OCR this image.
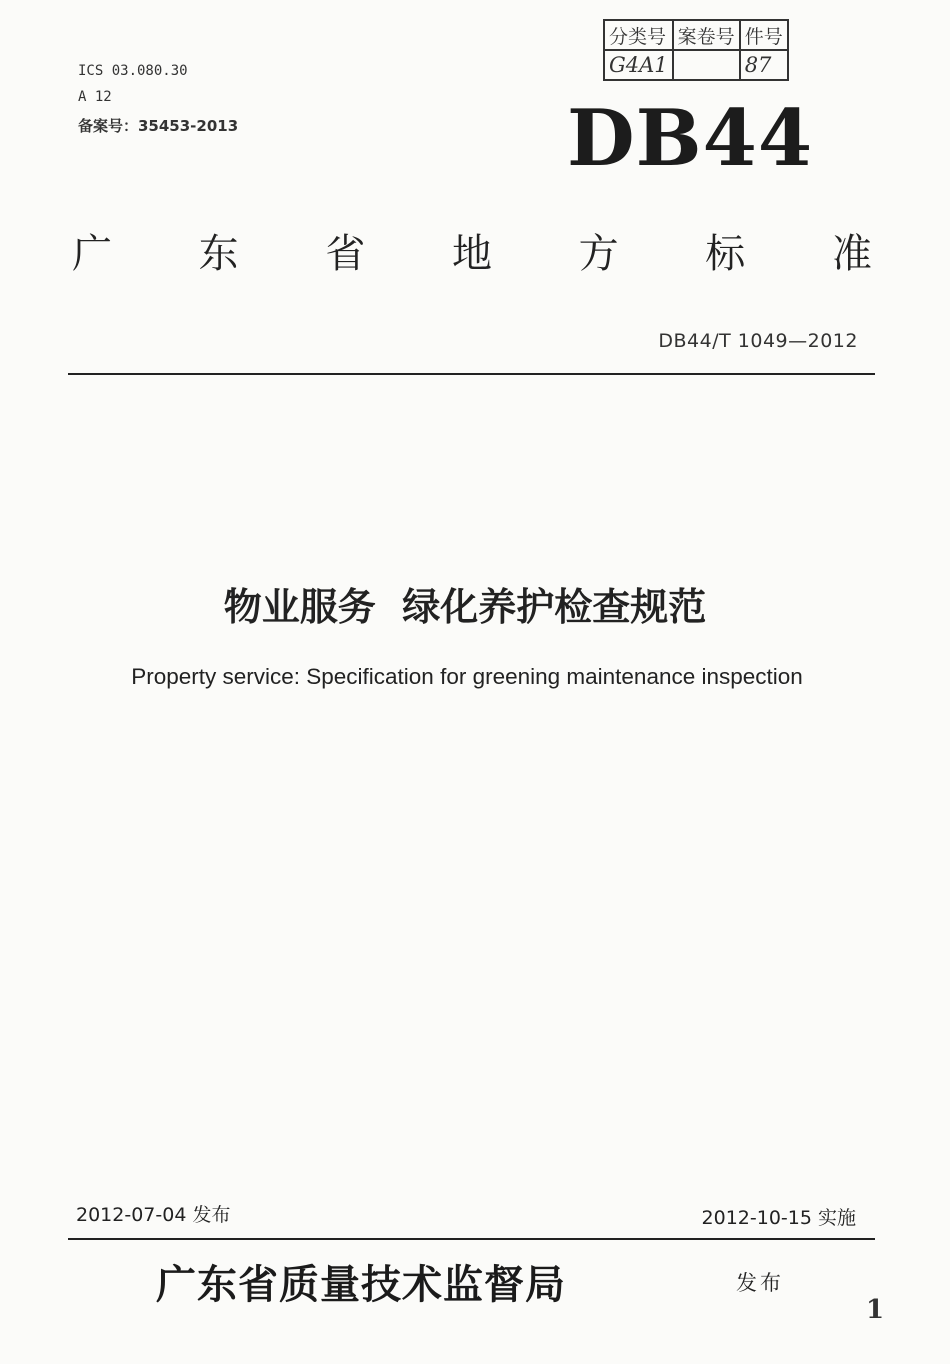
ICS 03.080.30
A 12
备案号：35453-2013
分类号	案卷号	件号
G4A1		87
DB44
广 东 省 地 方 标 准
DB44/T 1049—2012
物业服务  绿化养护检查规范
Property service: Specification for greening maintenance inspection
2012-07-04 发布	2012-10-15 实施
广东省质量技术监督局	发布
1
